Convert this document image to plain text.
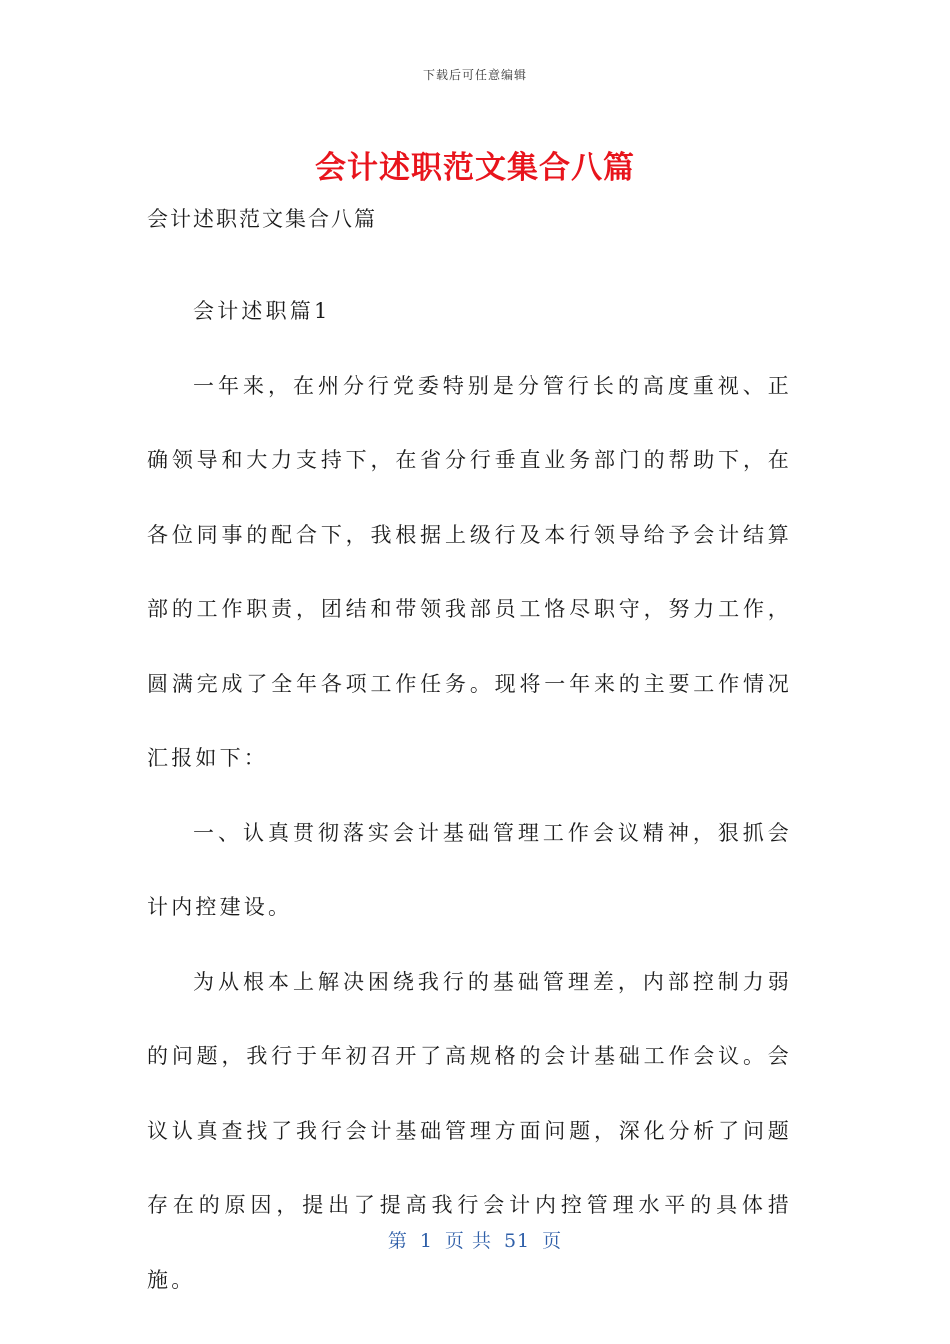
下载后可任意编辑
会计述职范文集合八篇

会计述职范文集合八篇

会计述职篇1

一年来，在州分行党委特别是分管行长的高度重视、正确领导和大力支持下，在省分行垂直业务部门的帮助下，在各位同事的配合下，我根据上级行及本行领导给予会计结算部的工作职责，团结和带领我部员工恪尽职守，努力工作，圆满完成了全年各项工作任务。现将一年来的主要工作情况汇报如下：

一、认真贯彻落实会计基础管理工作会议精神，狠抓会计内控建设。

为从根本上解决困绕我行的基础管理差，内部控制力弱的问题，我行于年初召开了高规格的会计基础工作会议。会议认真查找了我行会计基础管理方面问题，深化分析了问题存在的原因，提出了提高我行会计内控管理水平的具体措施。

第 1 页 共 51 页
